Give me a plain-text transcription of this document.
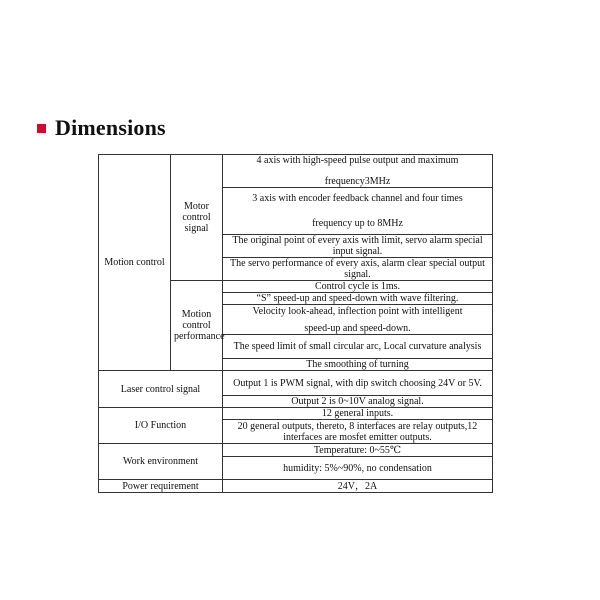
Dimensions
Motion control	Motor control signal	4 axis with high-speed pulse output and maximum
frequency3MHz
		3 axis with encoder feedback channel and four times
frequency up to 8MHz
		The original point of every axis with limit, servo alarm special input signal.
		The servo performance of every axis, alarm clear special output signal.
	Motion control performance	Control cycle is 1ms.
		“S” speed-up and speed-down with wave filtering.
		Velocity look-ahead, inflection point with intelligent
speed-up and speed-down.
		The speed limit of small circular arc, Local curvature analysis
		The smoothing of turning
Laser control signal		Output 1 is PWM signal, with dip switch choosing 24V or 5V.
		Output 2 is 0~10V analog signal.
I/O Function		12 general inputs.
		20 general outputs, thereto, 8 interfaces are relay outputs,12 interfaces are mosfet emitter outputs.
Work environment		Temperature: 0~55℃
		humidity: 5%~90%, no condensation
Power requirement		24V，2A
